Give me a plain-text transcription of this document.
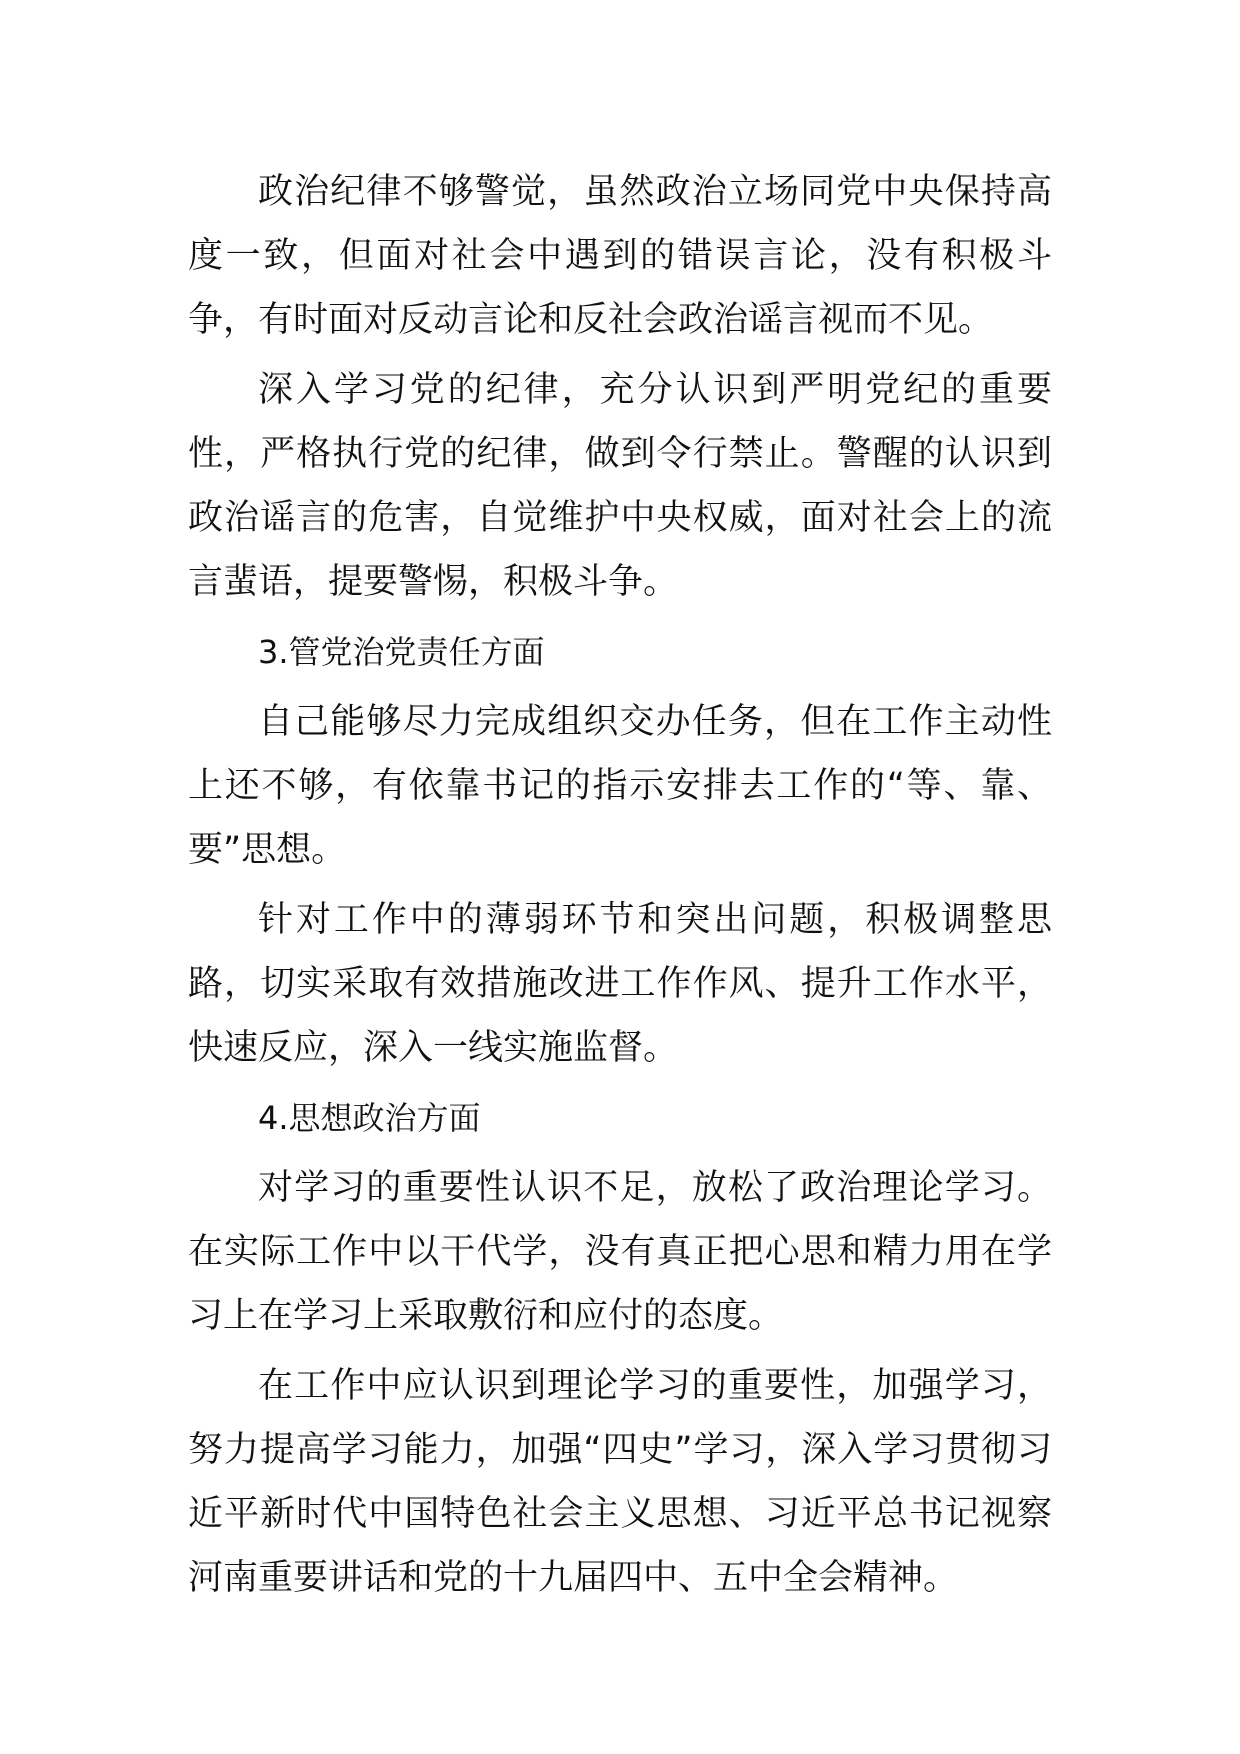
政治纪律不够警觉，虽然政治立场同党中央保持高度一致，但面对社会中遇到的错误言论，没有积极斗争，有时面对反动言论和反社会政治谣言视而不见。

深入学习党的纪律，充分认识到严明党纪的重要性，严格执行党的纪律，做到令行禁止。警醒的认识到政治谣言的危害，自觉维护中央权威，面对社会上的流言蜚语，提要警惕，积极斗争。

3.管党治党责任方面

自己能够尽力完成组织交办任务，但在工作主动性上还不够，有依靠书记的指示安排去工作的“等、靠、要”思想。

针对工作中的薄弱环节和突出问题，积极调整思路，切实采取有效措施改进工作作风、提升工作水平，快速反应，深入一线实施监督。

4.思想政治方面

对学习的重要性认识不足，放松了政治理论学习。在实际工作中以干代学，没有真正把心思和精力用在学习上在学习上采取敷衍和应付的态度。

在工作中应认识到理论学习的重要性，加强学习，努力提高学习能力，加强“四史”学习，深入学习贯彻习近平新时代中国特色社会主义思想、习近平总书记视察河南重要讲话和党的十九届四中、五中全会精神。
